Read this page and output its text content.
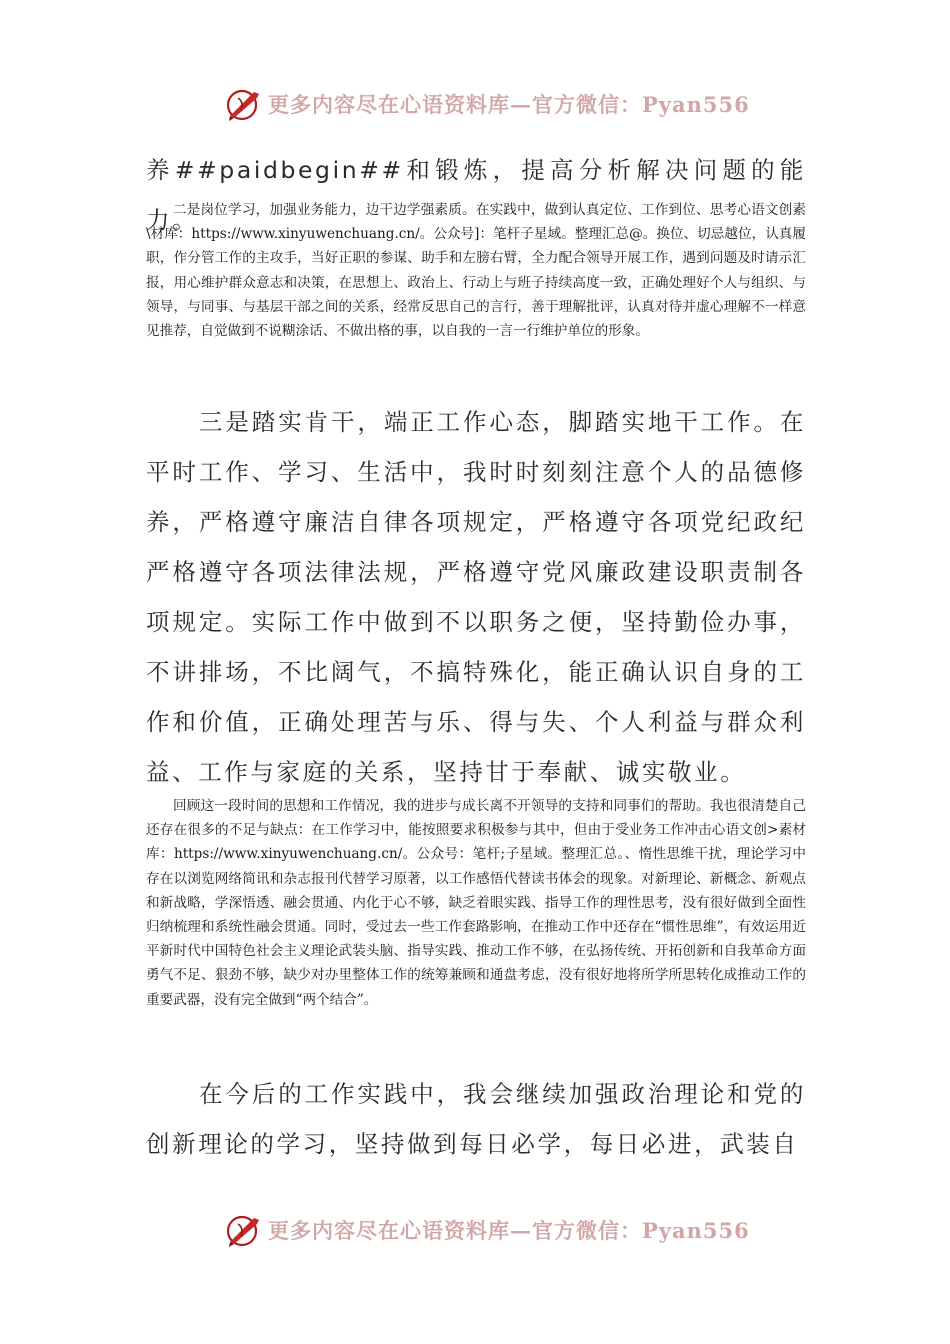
更多内容尽在心语资料库—官方微信：Pyan556

养##paidbegin##和锻炼，提高分析解决问题的能力。

二是岗位学习，加强业务能力，边干边学强素质。在实践中，做到认真定位、工作到位、思考心语文创素\材库：https://www.xinyuwenchuang.cn/。公众号]：笔杆子星域。整理汇总@。换位、切忌越位，认真履职，作分管工作的主攻手，当好正职的参谋、助手和左膀右臂，全力配合领导开展工作，遇到问题及时请示汇报，用心维护群众意志和决策，在思想上、政治上、行动上与班子持续高度一致，正确处理好个人与组织、与领导，与同事、与基层干部之间的关系，经常反思自己的言行，善于理解批评，认真对待并虚心理解不一样意见推荐，自觉做到不说糊涂话、不做出格的事，以自我的一言一行维护单位的形象。

三是踏实肯干，端正工作心态，脚踏实地干工作。在平时工作、学习、生活中，我时时刻刻注意个人的品德修养，严格遵守廉洁自律各项规定，严格遵守各项党纪政纪严格遵守各项法律法规，严格遵守党风廉政建设职责制各项规定。实际工作中做到不以职务之便，坚持勤俭办事，不讲排场，不比阔气，不搞特殊化，能正确认识自身的工作和价值，正确处理苦与乐、得与失、个人利益与群众利益、工作与家庭的关系，坚持甘于奉献、诚实敬业。

回顾这一段时间的思想和工作情况，我的进步与成长离不开领导的支持和同事们的帮助。我也很清楚自己还存在很多的不足与缺点：在工作学习中，能按照要求积极参与其中，但由于受业务工作冲击心语文创>素材库：https://www.xinyuwenchuang.cn/。公众号：笔杆;子星域。整理汇总。、惰性思维干扰，理论学习中存在以浏览网络简讯和杂志报刊代替学习原著，以工作感悟代替读书体会的现象。对新理论、新概念、新观点和新战略，学深悟透、融会贯通、内化于心不够，缺乏着眼实践、指导工作的理性思考，没有很好做到全面性归纳梳理和系统性融会贯通。同时，受过去一些工作套路影响，在推动工作中还存在“惯性思维”，有效运用近平新时代中国特色社会主义理论武装头脑、指导实践、推动工作不够，在弘扬传统、开拓创新和自我革命方面勇气不足、狠劲不够，缺少对办里整体工作的统筹兼顾和通盘考虑，没有很好地将所学所思转化成推动工作的重要武器，没有完全做到“两个结合”。

在今后的工作实践中，我会继续加强政治理论和党的创新理论的学习，坚持做到每日必学，每日必进，武装自

更多内容尽在心语资料库—官方微信：Pyan556
